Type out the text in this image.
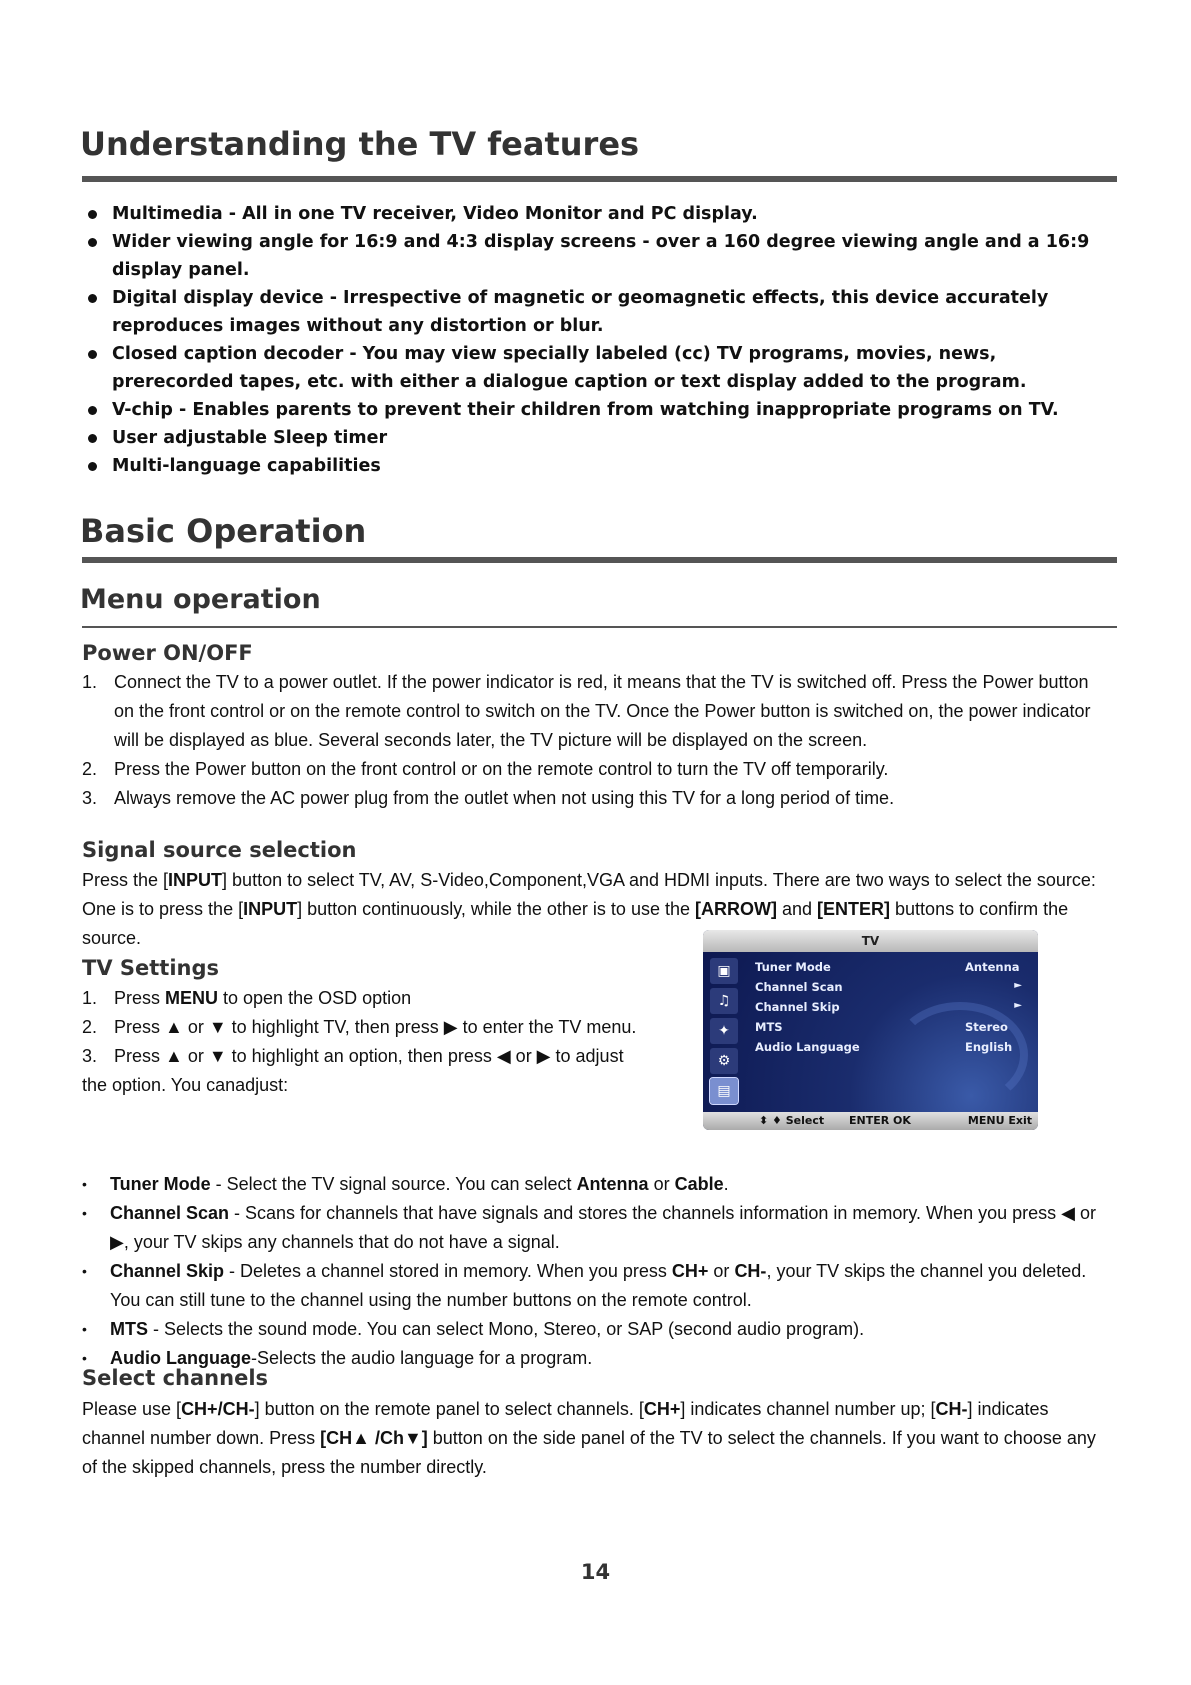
Understanding the TV features
Multimedia - All in one TV receiver, Video Monitor and PC display.
Wider viewing angle for 16:9 and 4:3 display screens - over a 160 degree viewing angle and a 16:9 display panel.
Digital display device - Irrespective of magnetic or geomagnetic effects, this device accurately reproduces images without any distortion or blur.
Closed caption decoder - You may view specially labeled (cc) TV programs, movies, news, prerecorded tapes, etc. with either a dialogue caption or text display added to the program.
V-chip - Enables parents to prevent their children from watching inappropriate programs on TV.
User adjustable Sleep timer
Multi-language capabilities
Basic Operation
Menu operation
Power ON/OFF
1. Connect the TV to a power outlet. If the power indicator is red, it means that the TV is switched off. Press the Power button on the front control or on the remote control to switch on the TV. Once the Power button is switched on, the power indicator will be displayed as blue. Several seconds later, the TV picture will be displayed on the screen.
2. Press the Power button on the front control or on the remote control to turn the TV off temporarily.
3. Always remove the AC power plug from the outlet when not using this TV for a long period of time.
Signal source selection

Press the [INPUT] button to select TV, AV, S-Video,Component,VGA and HDMI inputs. There are two ways to select the source: One is to press the [INPUT] button continuously, while the other is to use the [ARROW] and [ENTER] buttons to confirm the source.

TV Settings
1. Press MENU to open the OSD option
2. Press ▲ or ▼ to highlight TV, then press ▶ to enter the TV menu.
3. Press ▲ or ▼ to highlight an option, then press ◀ or ▶ to adjust
the option. You canadjust:
TV
▣
♫
✦
⚙
▤
Tuner Mode	Antenna
Channel Scan	►
Channel Skip	►
MTS	Stereo
Audio Language	English
⬍ ♦ Select ENTER OK	MENU Exit
• Tuner Mode - Select the TV signal source. You can select Antenna or Cable.
• Channel Scan - Scans for channels that have signals and stores the channels information in memory. When you press ◀ or ▶, your TV skips any channels that do not have a signal.
• Channel Skip - Deletes a channel stored in memory. When you press CH+ or CH-, your TV skips the channel you deleted. You can still tune to the channel using the number buttons on the remote control.
• MTS - Selects the sound mode. You can select Mono, Stereo, or SAP (second audio program).
• Audio Language-Selects the audio language for a program.
Select channels

Please use [CH+/CH-] button on the remote panel to select channels. [CH+] indicates channel number up; [CH-] indicates channel number down. Press [CH▲ /Ch▼] button on the side panel of the TV to select the channels. If you want to choose any of the skipped channels, press the number directly.

14
